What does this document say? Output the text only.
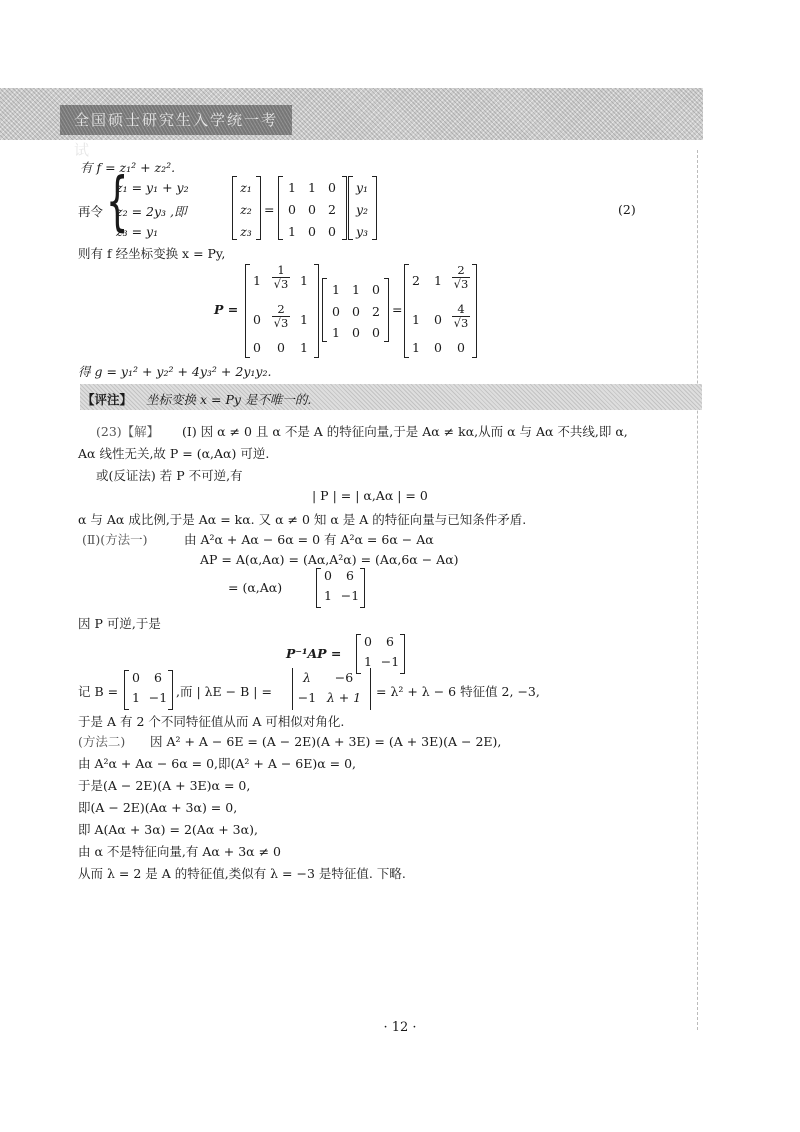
全国硕士研究生入学统一考试
有 f = z₁² + z₂².
再令 {
z₁ = y₁ + y₂
z₂ = 2y₃ ,即
z₃ = y₁
z₁
z₂
z₃
=
1 1 0
0 0 2
1 0 0
y₁
y₂
y₃
(2)
则有 f 经坐标变换 x = Py,
P =
$1 \frac{1}{√3} 1$
$0 \frac{2}{√3} 1$
0	0	1
1 1 0
0 0 2
1 0 0
=
2	$1 \frac{2}{√3}$
1	$0 \frac{4}{√3}$
1	0	0
得 g = y₁² + y₂² + 4y₃² + 2y₁y₂.
【评注】 坐标变换 x = Py 是不唯一的.
(23)【解】 (Ⅰ) 因 α ≠ 0 且 α 不是 A 的特征向量,于是 Aα ≠ kα,从而 α 与 Aα 不共线,即 α,
Aα 线性无关,故 P = (α,Aα) 可逆.
或(反证法) 若 P 不可逆,有
| P | = | α,Aα | = 0
α 与 Aα 成比例,于是 Aα = kα. 又 α ≠ 0 知 α 是 A 的特征向量与已知条件矛盾.
(Ⅱ)(方法一)	由 A²α + Aα − 6α = 0 有 A²α = 6α − Aα
AP = A(α,Aα) = (Aα,A²α) = (Aα,6α − Aα)
= (α,Aα)
0	6
1 −1
因 P 可逆,于是
P⁻¹AP =
0	6
1 −1
记 B =
0	6
1 −1 ,而 | λE − B | =
λ	−6
−1 λ + 1	= λ² + λ − 6 特征值 2, −3,
于是 A 有 2 个不同特征值从而 A 可相似对角化.
(方法二) 因 A² + A − 6E = (A − 2E)(A + 3E) = (A + 3E)(A − 2E),
由 A²α + Aα − 6α = 0,即(A² + A − 6E)α = 0,
于是(A − 2E)(A + 3E)α = 0,
即(A − 2E)(Aα + 3α) = 0,
即 A(Aα + 3α) = 2(Aα + 3α),
由 α 不是特征向量,有 Aα + 3α ≠ 0
从而 λ = 2 是 A 的特征值,类似有 λ = −3 是特征值. 下略.
· 12 ·
